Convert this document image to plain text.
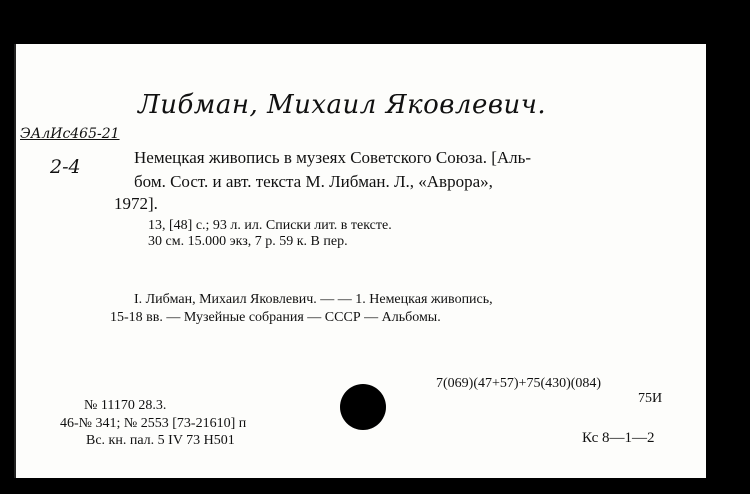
Либман, Михаил Яковлевич.
ЭАлИс465-21
2-4	Немецкая живопись в музеях Советского Союза. [Аль-
бом. Сост. и авт. текста М. Либман. Л., «Аврора»,
1972].
13, [48] с.; 93 л. ил. Списки лит. в тексте.
30 см. 15.000 экз, 7 р. 59 к. В пер.
I. Либман, Михаил Яковлевич. — — 1. Немецкая живопись,
15-18 вв. — Музейные собрания — СССР — Альбомы.
7(069)(47+57)+75(430)(084)
75И
№ 11170 28.3.
46-№ 341; № 2553 [73-21610] п
Вс. кн. пал. 5 IV 73 Н501	Кс 8—1—2
